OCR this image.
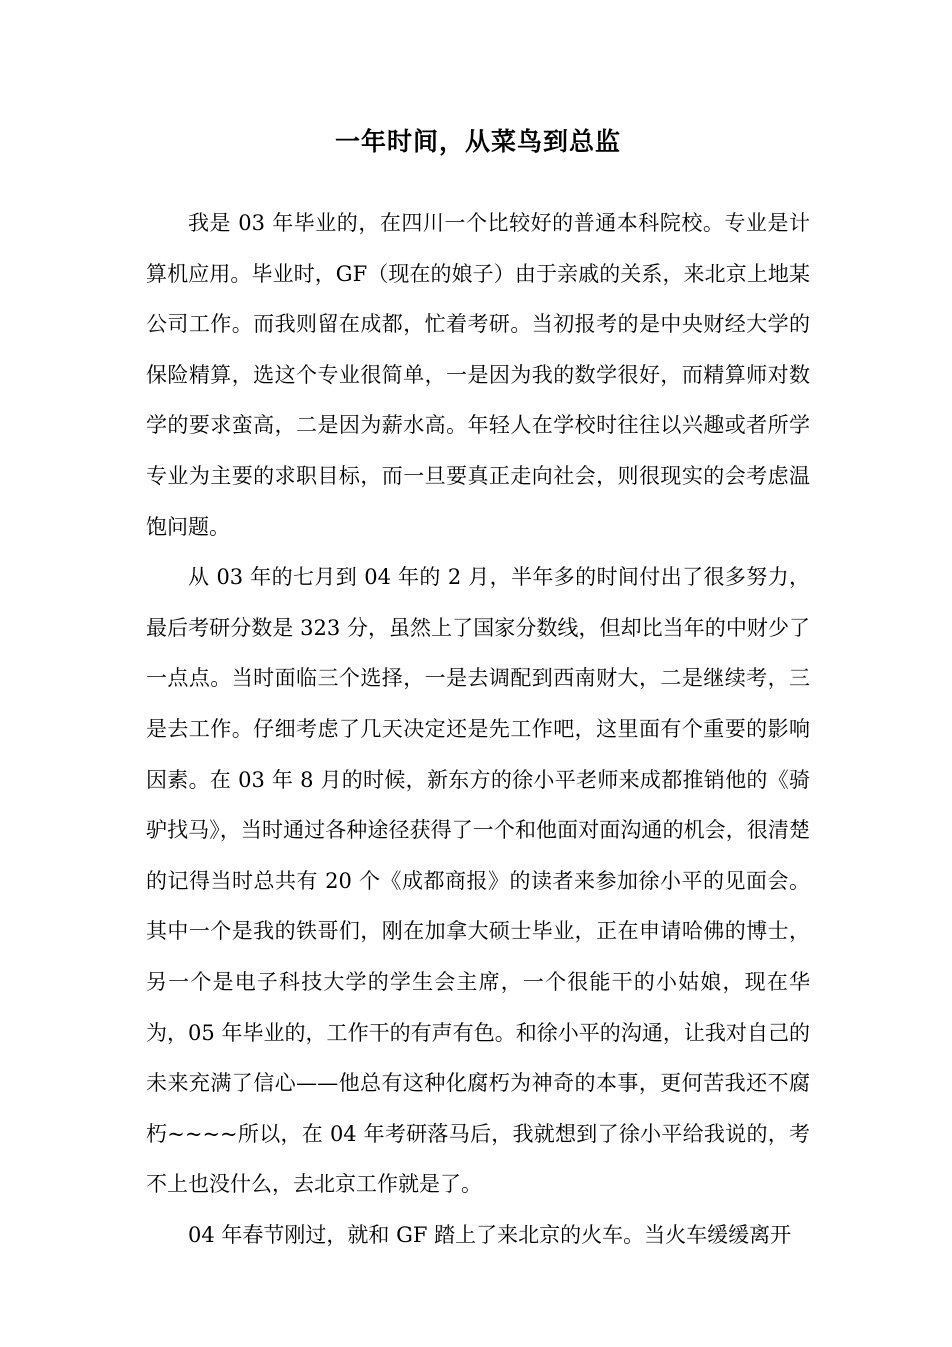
一年时间，从菜鸟到总监

我是 03 年毕业的，在四川一个比较好的普通本科院校。专业是计算机应用。毕业时，GF（现在的娘子）由于亲戚的关系，来北京上地某公司工作。而我则留在成都，忙着考研。当初报考的是中央财经大学的保险精算，选这个专业很简单，一是因为我的数学很好，而精算师对数学的要求蛮高，二是因为薪水高。年轻人在学校时往往以兴趣或者所学专业为主要的求职目标，而一旦要真正走向社会，则很现实的会考虑温饱问题。

从 03 年的七月到 04 年的 2 月，半年多的时间付出了很多努力，最后考研分数是 323 分，虽然上了国家分数线，但却比当年的中财少了一点点。当时面临三个选择，一是去调配到西南财大，二是继续考，三是去工作。仔细考虑了几天决定还是先工作吧，这里面有个重要的影响因素。在 03 年 8 月的时候，新东方的徐小平老师来成都推销他的《骑驴找马》，当时通过各种途径获得了一个和他面对面沟通的机会，很清楚的记得当时总共有 20 个《成都商报》的读者来参加徐小平的见面会。其中一个是我的铁哥们，刚在加拿大硕士毕业，正在申请哈佛的博士，另一个是电子科技大学的学生会主席，一个很能干的小姑娘，现在华为，05 年毕业的，工作干的有声有色。和徐小平的沟通，让我对自己的未来充满了信心——他总有这种化腐朽为神奇的本事，更何苦我还不腐朽~~~~所以，在 04 年考研落马后，我就想到了徐小平给我说的，考不上也没什么，去北京工作就是了。

04 年春节刚过，就和 GF 踏上了来北京的火车。当火车缓缓离开
